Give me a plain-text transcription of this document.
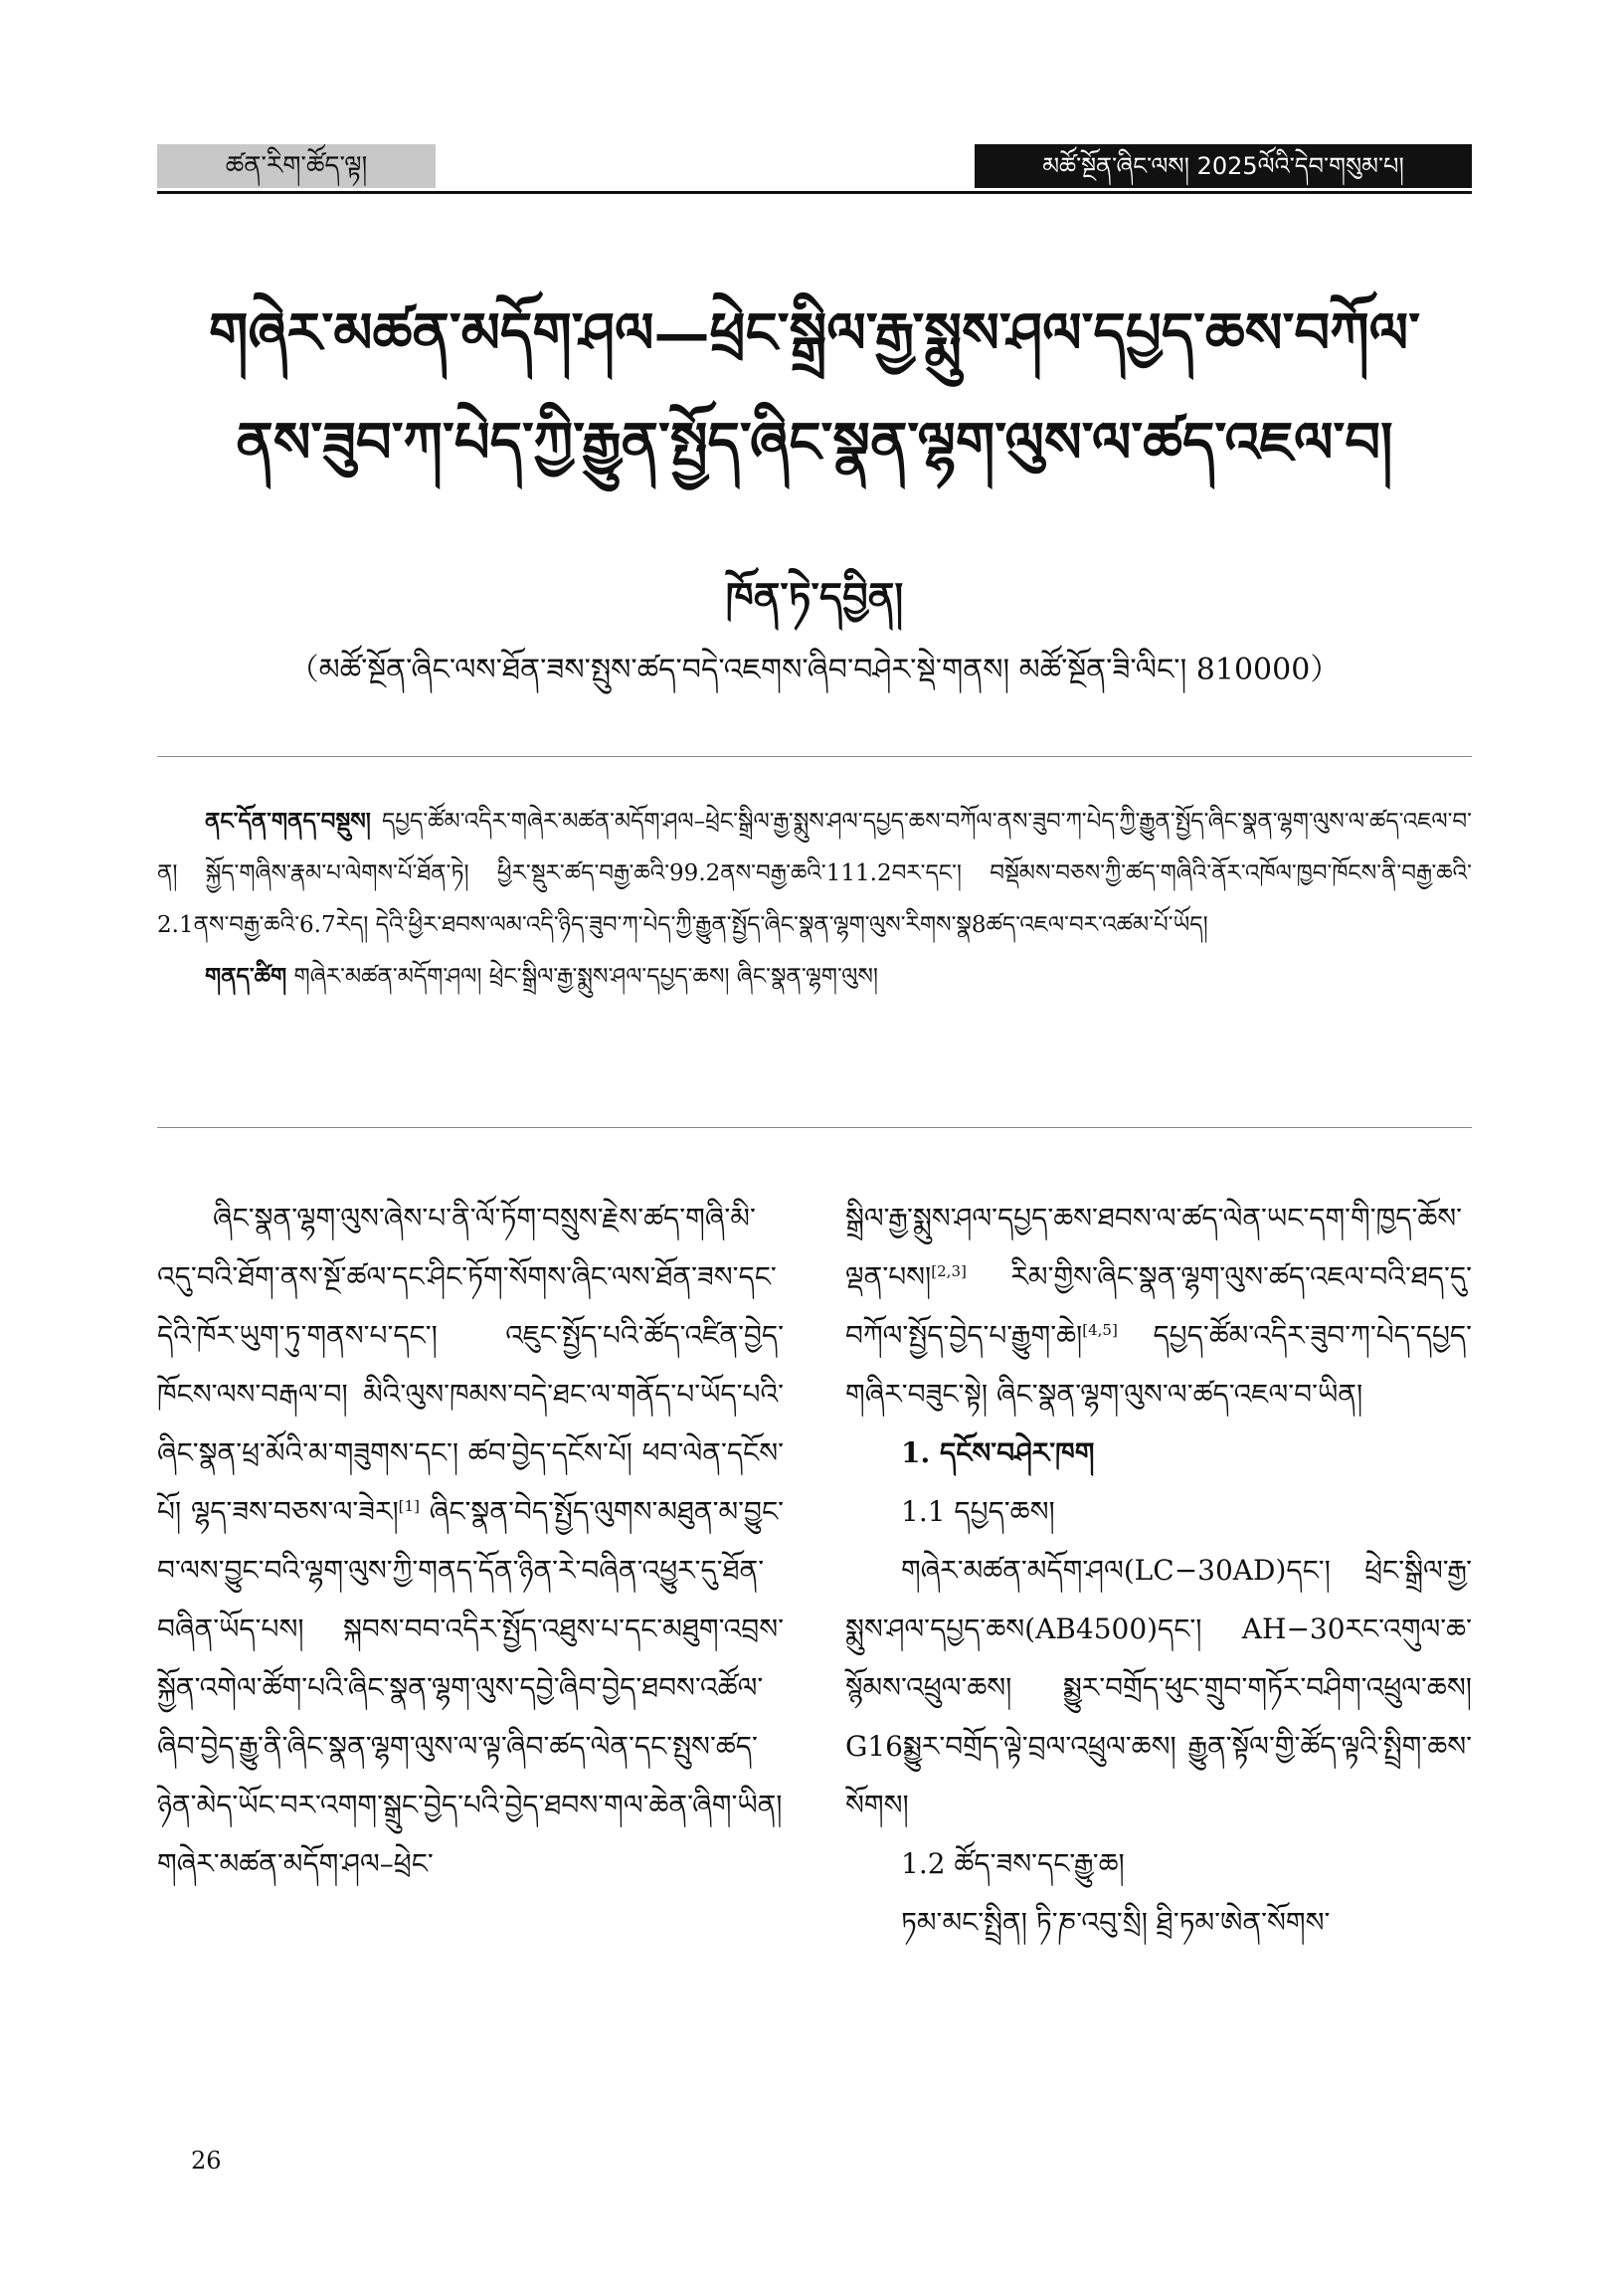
ཚན་རིག་ཚོད་ལྟ།	མཚོ་སྔོན་ཞིང་ལས། 2025ལོའི་དེབ་གསུམ་པ།
གཞེར་མཚན་མདོག་ཤལ—ཕྲེང་སྒྲིལ་རྒྱ་སྨུས་ཤལ་དཔྱད་ཆས་བཀོལ་
ནས་ཟུབ་ཀ་པེད་ཀྱི་རྒྱུན་སྤྱོད་ཞིང་སྣན་ལྷག་ལུས་ལ་ཚད་འཇལ་བ།
ཁོན་ཏེ་དབྱིན།
（མཚོ་སྔོན་ཞིང་ལས་ཐོན་ཟས་སྤུས་ཚད་བདེ་འཇགས་ཞིབ་བཤེར་སྡེ་གནས། མཚོ་སྔོན་ཟི་ལིང་། 810000）

ནང་དོན་གནད་བསྡུས། དཔྱད་ཚོམ་འདིར་གཞེར་མཚན་མདོག་ཤལ–ཕྲེང་སྒྲིལ་རྒྱ་སྨུས་ཤལ་དཔྱད་ཆས་བཀོལ་ནས་ཟུབ་ཀ་པེད་ཀྱི་རྒྱུན་སྤྱོད་ཞིང་སྣན་ལྷག་ལུས་ལ་ཚད་འཇལ་བ་ན། སྐྱོད་གཞིས་རྣམ་པ་ལེགས་པོ་ཐོན་ཏེ། ཕྱིར་སྡུར་ཚད་བརྒྱ་ཆའི་99.2ནས་བརྒྱ་ཆའི་111.2བར་དང་། བསྡོམས་བཅས་ཀྱི་ཚད་གཞིའི་ནོར་འཁོལ་ཁྱབ་ཁོངས་ནི་བརྒྱ་ཆའི་2.1ནས་བརྒྱ་ཆའི་6.7རེད། དེའི་ཕྱིར་ཐབས་ལམ་འདི་ཉིད་ཟུབ་ཀ་པེད་ཀྱི་རྒྱུན་སྤྱོད་ཞིང་སྣན་ལྷག་ལུས་རིགས་སྣ8ཚད་འཇལ་བར་འཚམ་པོ་ཡོད།

གནད་ཚིག གཞེར་མཚན་མདོག་ཤལ། ཕྲེང་སྒྲིལ་རྒྱ་སྨུས་ཤལ་དཔྱད་ཆས། ཞིང་སྣན་ལྷག་ལུས།

ཞིང་སྣན་ལྷག་ལུས་ཞེས་པ་ནི་ལོ་ཏོག་བསྲུས་རྗེས་ཚད་གཞི་མི་འདུ་བའི་ཐོག་ནས་སྔོ་ཚལ་དང་ཤིང་ཏོག་སོགས་ཞིང་ལས་ཐོན་ཟས་དང་དེའི་ཁོར་ཡུག་ཏུ་གནས་པ་དང་། འཇུང་སྤྱོད་པའི་ཚོད་འཛིན་བྱེད་ཁོངས་ལས་བརྒལ་བ། མིའི་ལུས་ཁམས་བདེ་ཐང་ལ་གནོད་པ་ཡོད་པའི་ཞིང་སྣན་ཕྲ་མོའི་མ་གཟུགས་དང་། ཚབ་བྱེད་དངོས་པོ། ཕབ་ལེན་དངོས་པོ། ལྷད་ཟས་བཅས་ལ་ཟེར།[1] ཞིང་སྣན་བེད་སྤྱོད་ལུགས་མཐུན་མ་བྱུང་བ་ལས་བྱུང་བའི་ལྷག་ལུས་ཀྱི་གནད་དོན་ཉིན་རེ་བཞིན་འཕྱུར་དུ་ཐོན་བཞིན་ཡོད་པས། སྐབས་བབ་འདིར་སྤྱོད་འཐུས་པ་དང་མཐུག་འབྲས་སྐྱོན་འགེལ་ཚོག་པའི་ཞིང་སྣན་ལྷག་ལུས་དབྱེ་ཞིབ་བྱེད་ཐབས་འཚོལ་ཞིབ་བྱེད་རྒྱུ་ནི་ཞིང་སྣན་ལྷག་ལུས་ལ་ལྟ་ཞིབ་ཚད་ལེན་དང་སྤུས་ཚད་ཉེན་མེད་ཡོང་བར་འགག་སྒྲུང་བྱེད་པའི་བྱེད་ཐབས་གལ་ཆེན་ཞིག་ཡིན། གཞེར་མཚན་མདོག་ཤལ–ཕྲེང་

སྒྲིལ་རྒྱ་སྨུས་ཤལ་དཔྱད་ཆས་ཐབས་ལ་ཚད་ལེན་ཡང་དག་གི་ཁྱད་ཆོས་ལྡན་པས།[2,3] རིམ་གྱིས་ཞིང་སྣན་ལྷག་ལུས་ཚད་འཇལ་བའི་ཐད་དུ་བཀོལ་སྤྱོད་བྱེད་པ་རྒྱུག་ཆེ།[4,5] དཔྱད་ཚོམ་འདིར་ཟུབ་ཀ་པེད་དཔྱད་གཞིར་བཟུང་སྟེ། ཞིང་སྣན་ལྷག་ལུས་ལ་ཚད་འཇལ་བ་ཡིན།

1. དངོས་བཤེར་ཁག

1.1 དཔྱད་ཆས།

གཞེར་མཚན་མདོག་ཤལ(LC−30AD)དང་། ཕྲེང་སྒྲིལ་རྒྱ་སྨུས་ཤལ་དཔྱད་ཆས(AB4500)དང་། AH−30རང་འགུལ་ཆ་སྙོམས་འཕྲུལ་ཆས། སྨྱུར་བགྲོད་ཕུང་གྲུབ་གཏོར་བཤིག་འཕྲུལ་ཆས། G16སྨྱུར་བགྲོད་ལྟེ་བྲལ་འཕྲུལ་ཆས། རྒྱུན་སྟོལ་གྱི་ཚོད་ལྟའི་སྤྲིག་ཆས་སོགས།

1.2 ཚོད་ཟས་དང་རྒྱུ་ཆ།

ཏམ་མང་སྤྲིན། ཏི་ཎ་འབུ་སྲི། ཐྲི་ཏམ་ཨེན་སོགས་

26
